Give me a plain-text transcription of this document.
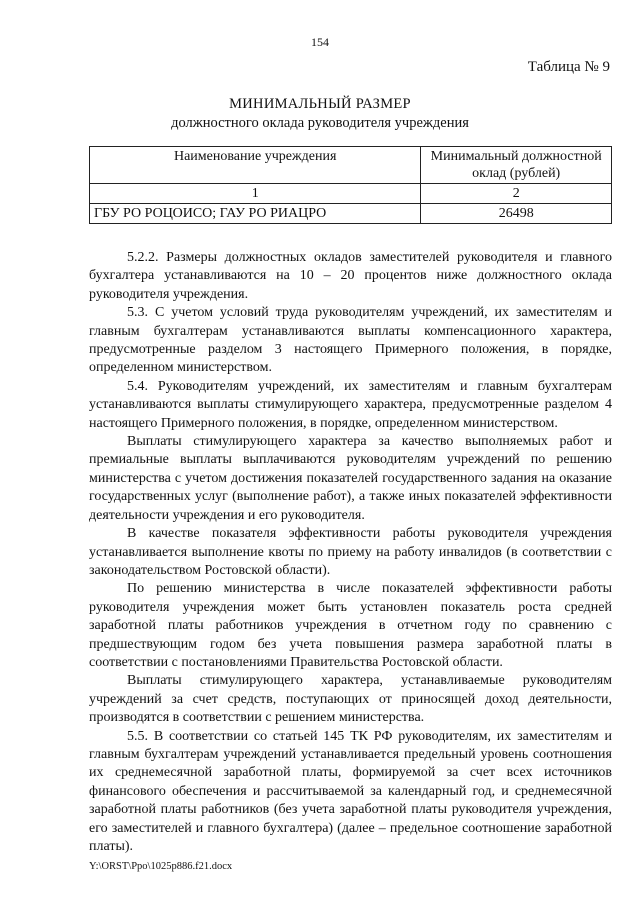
154
Таблица № 9
МИНИМАЛЬНЫЙ РАЗМЕР
должностного оклада руководителя учреждения
Наименование учреждения	Минимальный должностной оклад (рублей)
1	2
ГБУ РО РОЦОИСО; ГАУ РО РИАЦРО	26498

5.2.2. Размеры должностных окладов заместителей руководителя и главного бухгалтера устанавливаются на 10 – 20 процентов ниже должностного оклада руководителя учреждения.

5.3. С учетом условий труда руководителям учреждений, их заместителям и главным бухгалтерам устанавливаются выплаты компенсационного характера, предусмотренные разделом 3 настоящего Примерного положения, в порядке, определенном министерством.

5.4. Руководителям учреждений, их заместителям и главным бухгалтерам устанавливаются выплаты стимулирующего характера, предусмотренные разделом 4 настоящего Примерного положения, в порядке, определенном министерством.

Выплаты стимулирующего характера за качество выполняемых работ и премиальные выплаты выплачиваются руководителям учреждений по решению министерства с учетом достижения показателей государственного задания на оказание государственных услуг (выполнение работ), а также иных показателей эффективности деятельности учреждения и его руководителя.

В качестве показателя эффективности работы руководителя учреждения устанавливается выполнение квоты по приему на работу инвалидов (в соответствии с законодательством Ростовской области).

По решению министерства в числе показателей эффективности работы руководителя учреждения может быть установлен показатель роста средней заработной платы работников учреждения в отчетном году по сравнению с предшествующим годом без учета повышения размера заработной платы в соответствии с постановлениями Правительства Ростовской области.

Выплаты стимулирующего характера, устанавливаемые руководителям учреждений за счет средств, поступающих от приносящей доход деятельности, производятся в соответствии с решением министерства.

5.5. В соответствии со статьей 145 ТК РФ руководителям, их заместителям и главным бухгалтерам учреждений устанавливается предельный уровень соотношения их среднемесячной заработной платы, формируемой за счет всех источников финансового обеспечения и рассчитываемой за календарный год, и среднемесячной заработной платы работников (без учета заработной платы руководителя учреждения, его заместителей и главного бухгалтера) (далее – предельное соотношение заработной платы).

Y:\ORST\Ppo\1025p886.f21.docx
